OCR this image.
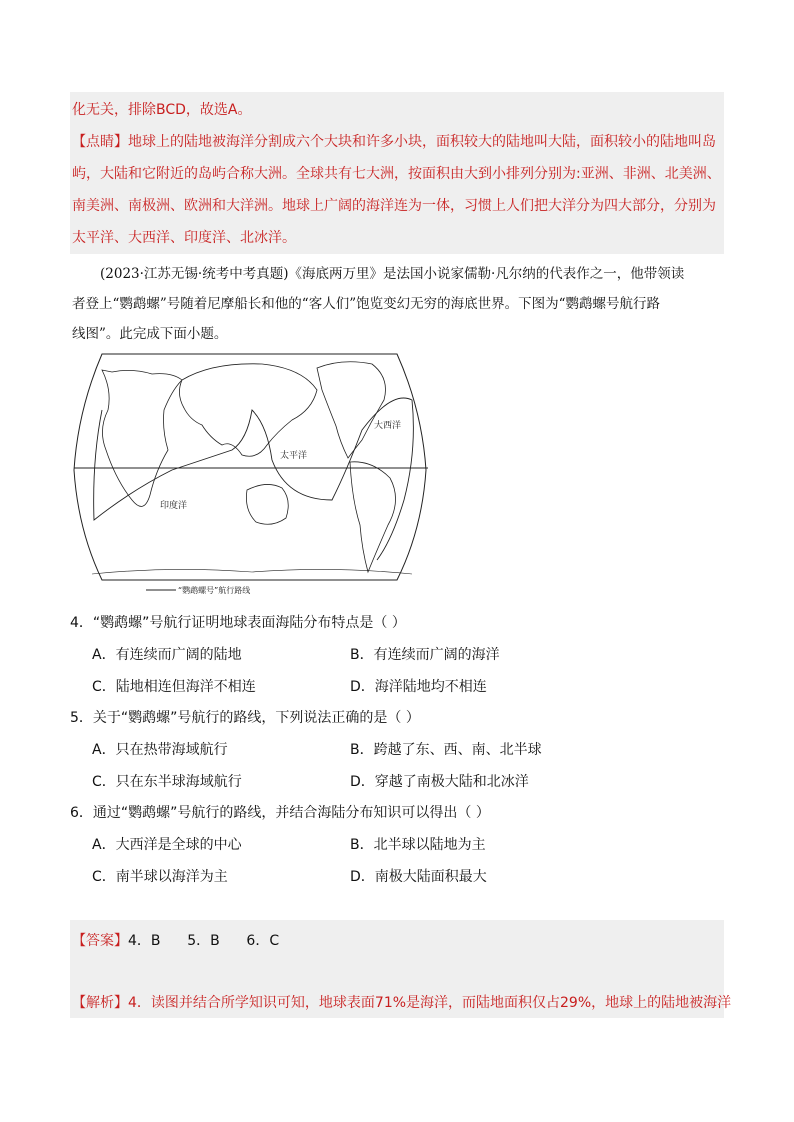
化无关，排除BCD，故选A。
【点睛】地球上的陆地被海洋分割成六个大块和许多小块，面积较大的陆地叫大陆，面积较小的陆地叫岛
屿，大陆和它附近的岛屿合称大洲。全球共有七大洲，按面积由大到小排列分别为:亚洲、非洲、北美洲、
南美洲、南极洲、欧洲和大洋洲。地球上广阔的海洋连为一体，习惯上人们把大洋分为四大部分，分别为
太平洋、大西洋、印度洋、北冰洋。
(2023·江苏无锡·统考中考真题)《海底两万里》是法国小说家儒勒·凡尔纳的代表作之一，他带领读
者登上“鹦鹉螺”号随着尼摩船长和他的“客人们”饱览变幻无穷的海底世界。下图为“鹦鹉螺号航行路
线图”。此完成下面小题。
太平洋
大西洋
印度洋
“鹦鹉螺号”航行路线
4．“鹦鹉螺”号航行证明地球表面海陆分布特点是（ ）
A．有连续而广阔的陆地	B．有连续而广阔的海洋
C．陆地相连但海洋不相连	D．海洋陆地均不相连
5．关于“鹦鹉螺”号航行的路线，下列说法正确的是（ ）
A．只在热带海域航行	B．跨越了东、西、南、北半球
C．只在东半球海域航行	D．穿越了南极大陆和北冰洋
6．通过“鹦鹉螺”号航行的路线，并结合海陆分布知识可以得出（ ）
A．大西洋是全球的中心	B．北半球以陆地为主
C．南半球以海洋为主	D．南极大陆面积最大
【答案】4．B      5．B      6．C
【解析】4．读图并结合所学知识可知，地球表面71%是海洋，而陆地面积仅占29%，地球上的陆地被海洋
